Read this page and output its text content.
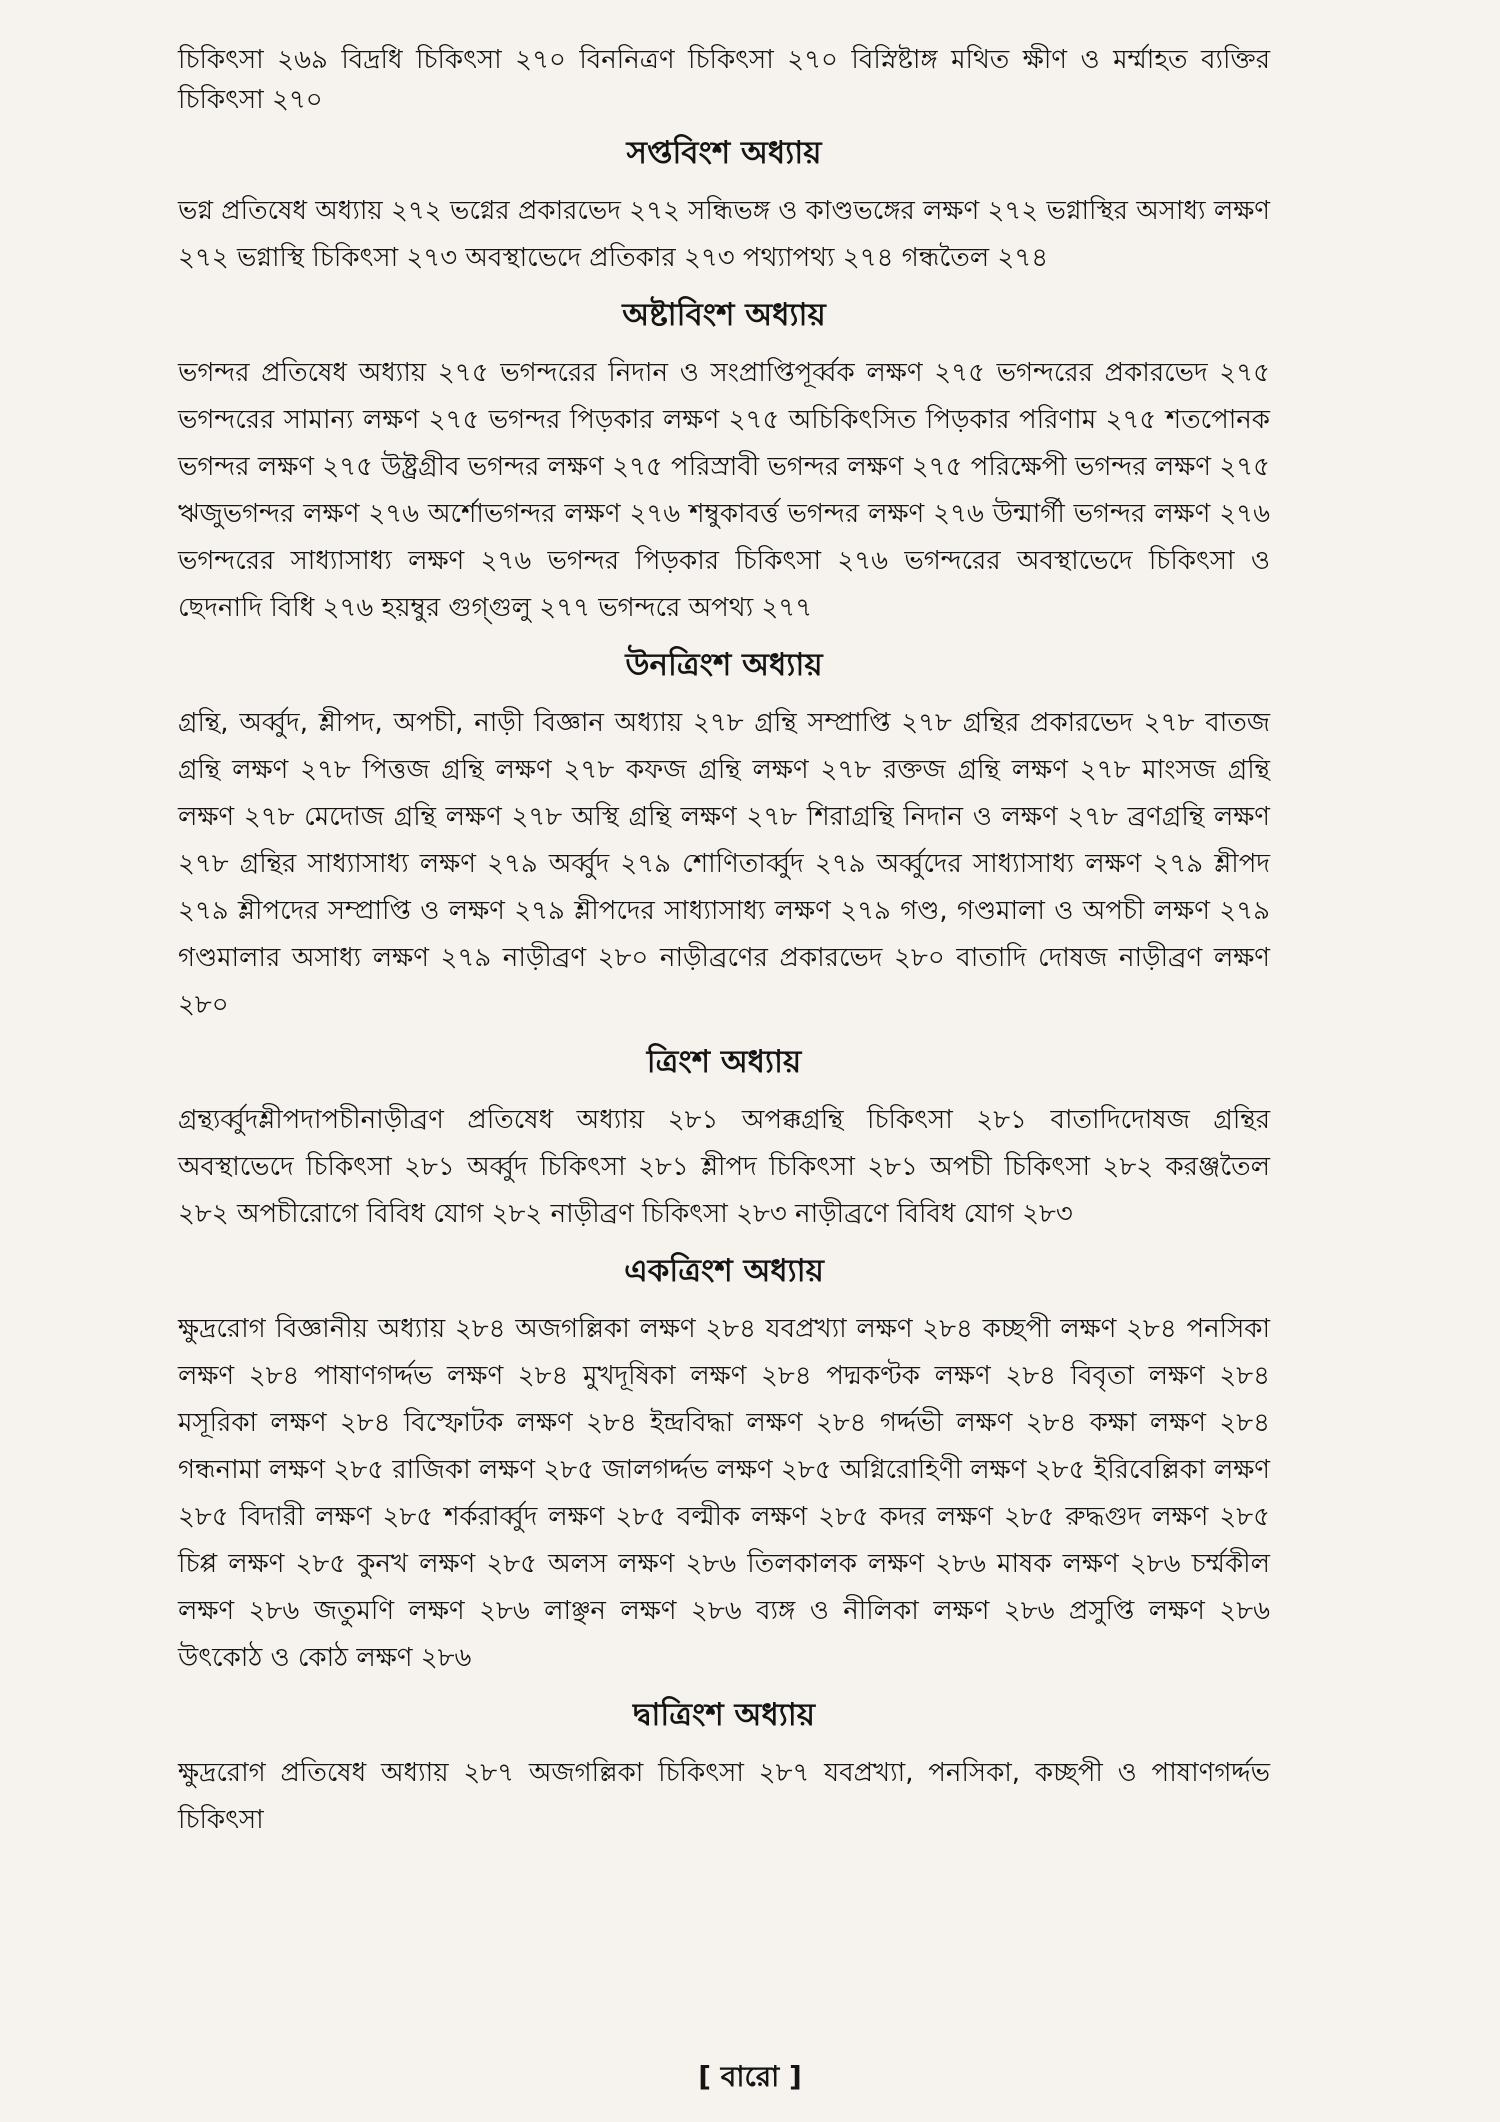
চিকিৎসা ২৬৯ বিদ্রধি চিকিৎসা ২৭০ বিননিত্রণ চিকিৎসা ২৭০ বিস্নিষ্টাঙ্গ মথিত ক্ষীণ ও মর্ম্মাহত ব্যক্তির চিকিৎসা ২৭০

সপ্তবিংশ অধ্যায়

ভগ্ন প্রতিষেধ অধ্যায় ২৭২ ভগ্নের প্রকারভেদ ২৭২ সন্ধিভঙ্গ ও কাণ্ডভঙ্গের লক্ষণ ২৭২ ভগ্নাস্থির অসাধ্য লক্ষণ ২৭২ ভগ্নাস্থি চিকিৎসা ২৭৩ অবস্থাভেদে প্রতিকার ২৭৩ পথ্যাপথ্য ২৭৪ গন্ধতৈল ২৭৪

অষ্টাবিংশ অধ্যায়

ভগন্দর প্রতিষেধ অধ্যায় ২৭৫ ভগন্দরের নিদান ও সংপ্রাপ্তিপূর্ব্বক লক্ষণ ২৭৫ ভগন্দরের প্রকারভেদ ২৭৫ ভগন্দরের সামান্য লক্ষণ ২৭৫ ভগন্দর পিড়কার লক্ষণ ২৭৫ অচিকিৎসিত পিড়কার পরিণাম ২৭৫ শতপোনক ভগন্দর লক্ষণ ২৭৫ উষ্ট্রগ্রীব ভগন্দর লক্ষণ ২৭৫ পরিস্রাবী ভগন্দর লক্ষণ ২৭৫ পরিক্ষেপী ভগন্দর লক্ষণ ২৭৫ ঋজুভগন্দর লক্ষণ ২৭৬ অর্শোভগন্দর লক্ষণ ২৭৬ শম্বুকাবর্ত্ত ভগন্দর লক্ষণ ২৭৬ উন্মার্গী ভগন্দর লক্ষণ ২৭৬ ভগন্দরের সাধ্যাসাধ্য লক্ষণ ২৭৬ ভগন্দর পিড়কার চিকিৎসা ২৭৬ ভগন্দরের অবস্থাভেদে চিকিৎসা ও ছেদনাদি বিধি ২৭৬ হয়ম্বুর গুগ্গুলু ২৭৭ ভগন্দরে অপথ্য ২৭৭

উনত্রিংশ অধ্যায়

গ্রন্থি, অর্ব্বুদ, শ্লীপদ, অপচী, নাড়ী বিজ্ঞান অধ্যায় ২৭৮ গ্রন্থি সম্প্রাপ্তি ২৭৮ গ্রন্থির প্রকারভেদ ২৭৮ বাতজ গ্রন্থি লক্ষণ ২৭৮ পিত্তজ গ্রন্থি লক্ষণ ২৭৮ কফজ গ্রন্থি লক্ষণ ২৭৮ রক্তজ গ্রন্থি লক্ষণ ২৭৮ মাংসজ গ্রন্থি লক্ষণ ২৭৮ মেদোজ গ্রন্থি লক্ষণ ২৭৮ অস্থি গ্রন্থি লক্ষণ ২৭৮ শিরাগ্রন্থি নিদান ও লক্ষণ ২৭৮ ব্রণগ্রন্থি লক্ষণ ২৭৮ গ্রন্থির সাধ্যাসাধ্য লক্ষণ ২৭৯ অর্ব্বুদ ২৭৯ শোণিতার্ব্বুদ ২৭৯ অর্ব্বুদের সাধ্যাসাধ্য লক্ষণ ২৭৯ শ্লীপদ ২৭৯ শ্লীপদের সম্প্রাপ্তি ও লক্ষণ ২৭৯ শ্লীপদের সাধ্যাসাধ্য লক্ষণ ২৭৯ গণ্ড, গণ্ডমালা ও অপচী লক্ষণ ২৭৯ গণ্ডমালার অসাধ্য লক্ষণ ২৭৯ নাড়ীব্রণ ২৮০ নাড়ীব্রণের প্রকারভেদ ২৮০ বাতাদি দোষজ নাড়ীব্রণ লক্ষণ ২৮০

ত্রিংশ অধ্যায়

গ্রন্থ্যর্ব্বুদশ্লীপদাপচীনাড়ীব্রণ প্রতিষেধ অধ্যায় ২৮১ অপক্কগ্রন্থি চিকিৎসা ২৮১ বাতাদিদোষজ গ্রন্থির অবস্থাভেদে চিকিৎসা ২৮১ অর্ব্বুদ চিকিৎসা ২৮১ শ্লীপদ চিকিৎসা ২৮১ অপচী চিকিৎসা ২৮২ করঞ্জতৈল ২৮২ অপচীরোগে বিবিধ যোগ ২৮২ নাড়ীব্রণ চিকিৎসা ২৮৩ নাড়ীব্রণে বিবিধ যোগ ২৮৩

একত্রিংশ অধ্যায়

ক্ষুদ্ররোগ বিজ্ঞানীয় অধ্যায় ২৮৪ অজগল্লিকা লক্ষণ ২৮৪ যবপ্রখ্যা লক্ষণ ২৮৪ কচ্ছপী লক্ষণ ২৮৪ পনসিকা লক্ষণ ২৮৪ পাষাণগর্দ্দভ লক্ষণ ২৮৪ মুখদূষিকা লক্ষণ ২৮৪ পদ্মকণ্টক লক্ষণ ২৮৪ বিবৃতা লক্ষণ ২৮৪ মসূরিকা লক্ষণ ২৮৪ বিস্ফোটক লক্ষণ ২৮৪ ইন্দ্রবিদ্ধা লক্ষণ ২৮৪ গর্দ্দভী লক্ষণ ২৮৪ কক্ষা লক্ষণ ২৮৪ গন্ধনামা লক্ষণ ২৮৫ রাজিকা লক্ষণ ২৮৫ জালগর্দ্দভ লক্ষণ ২৮৫ অগ্নিরোহিণী লক্ষণ ২৮৫ ইরিবেল্লিকা লক্ষণ ২৮৫ বিদারী লক্ষণ ২৮৫ শর্করার্ব্বুদ লক্ষণ ২৮৫ বল্মীক লক্ষণ ২৮৫ কদর লক্ষণ ২৮৫ রুদ্ধগুদ লক্ষণ ২৮৫ চিপ্প লক্ষণ ২৮৫ কুনখ লক্ষণ ২৮৫ অলস লক্ষণ ২৮৬ তিলকালক লক্ষণ ২৮৬ মাষক লক্ষণ ২৮৬ চর্ম্মকীল লক্ষণ ২৮৬ জতুমণি লক্ষণ ২৮৬ লাঞ্ছন লক্ষণ ২৮৬ ব্যঙ্গ ও নীলিকা লক্ষণ ২৮৬ প্রসুপ্তি লক্ষণ ২৮৬ উৎকোঠ ও কোঠ লক্ষণ ২৮৬

দ্বাত্রিংশ অধ্যায়

ক্ষুদ্ররোগ প্রতিষেধ অধ্যায় ২৮৭ অজগল্লিকা চিকিৎসা ২৮৭ যবপ্রখ্যা, পনসিকা, কচ্ছপী ও পাষাণগর্দ্দভ চিকিৎসা

[ বারো ]
